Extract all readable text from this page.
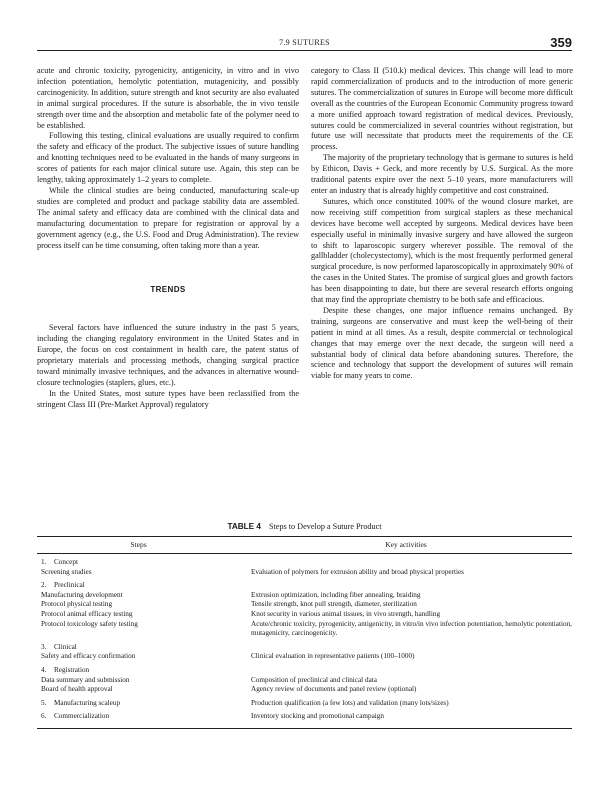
7.9 SUTURES	359

acute and chronic toxicity, pyrogenicity, antigenicity, in vitro and in vivo infection potentiation, hemolytic potentiation, mutagenicity, and possibly carcinogenicity. In addition, suture strength and knot security are also evaluated in animal surgical procedures. If the suture is absorbable, the in vivo tensile strength over time and the absorption and metabolic fate of the polymer need to be established.

Following this testing, clinical evaluations are usually required to confirm the safety and efficacy of the product. The subjective issues of suture handling and knotting techniques need to be evaluated in the hands of many surgeons in scores of patients for each major clinical suture use. Again, this step can be lengthy, taking approximately 1–2 years to complete.

While the clinical studies are being conducted, manufacturing scale-up studies are completed and product and package stability data are assembled. The animal safety and efficacy data are combined with the clinical data and manufacturing documentation to prepare for registration or approval by a government agency (e.g., the U.S. Food and Drug Administration). The review process itself can be time consuming, often taking more than a year.

TRENDS

Several factors have influenced the suture industry in the past 5 years, including the changing regulatory environment in the United States and in Europe, the focus on cost containment in health care, the patent status of proprietary materials and processing methods, changing surgical practice toward minimally invasive techniques, and the advances in alternative wound-closure technologies (staplers, glues, etc.).

In the United States, most suture types have been reclassified from the stringent Class III (Pre-Market Approval) regulatory

category to Class II (510.k) medical devices. This change will lead to more rapid commercialization of products and to the introduction of more generic sutures. The commercialization of sutures in Europe will become more difficult overall as the countries of the European Economic Community progress toward a more unified approach toward registration of medical devices. Previously, sutures could be commercialized in several countries without registration, but future use will necessitate that products meet the requirements of the CE process.

The majority of the proprietary technology that is germane to sutures is held by Ethicon, Davis + Geck, and more recently by U.S. Surgical. As the more traditional patents expire over the next 5–10 years, more manufacturers will enter an industry that is already highly competitive and cost constrained.

Sutures, which once constituted 100% of the wound closure market, are now receiving stiff competition from surgical staplers as these mechanical devices have become well accepted by surgeons. Medical devices have been especially useful in minimally invasive surgery and have allowed the surgeon to shift to laparoscopic surgery wherever possible. The removal of the gallbladder (cholecystectomy), which is the most frequently performed general surgical procedure, is now performed laparoscopically in approximately 90% of the cases in the United States. The promise of surgical glues and growth factors has been disappointing to date, but there are several research efforts ongoing that may find the appropriate chemistry to be both safe and efficacious.

Despite these changes, one major influence remains unchanged. By training, surgeons are conservative and must keep the well-being of their patient in mind at all times. As a result, despite commercial or technological changes that may emerge over the next decade, the surgeon will need a substantial body of clinical data before abandoning sutures. Therefore, the science and technology that support the development of sutures will remain viable for many years to come.

TABLE 4 Steps to Develop a Suture Product
Steps	Key activities
1. Concept
Screening studies	Evaluation of polymers for extrusion ability and broad physical properties
2. Preclinical
Manufacturing development	Extrusion optimization, including fiber annealing, braiding
Protocol physical testing	Tensile strength, knot pull strength, diameter, sterilization
Protocol animal efficacy testing	Knot security in various animal tissues, in vivo strength, handling
Protocol toxicology safety testing	Acute/chronic toxicity, pyrogenicity, antigenicity, in vitro/in vivo infection potentiation, hemolytic potentiation, mutagenicity, carcinogenicity.
3. Clinical
Safety and efficacy confirmation	Clinical evaluation in representative patients (100–1000)
4. Registration
Data summary and submission	Composition of preclinical and clinical data
Board of health approval	Agency review of documents and panel review (optional)
5. Manufacturing scaleup	Production qualification (a few lots) and validation (many lots/sizes)
6. Commercialization	Inventory stocking and promotional campaign
